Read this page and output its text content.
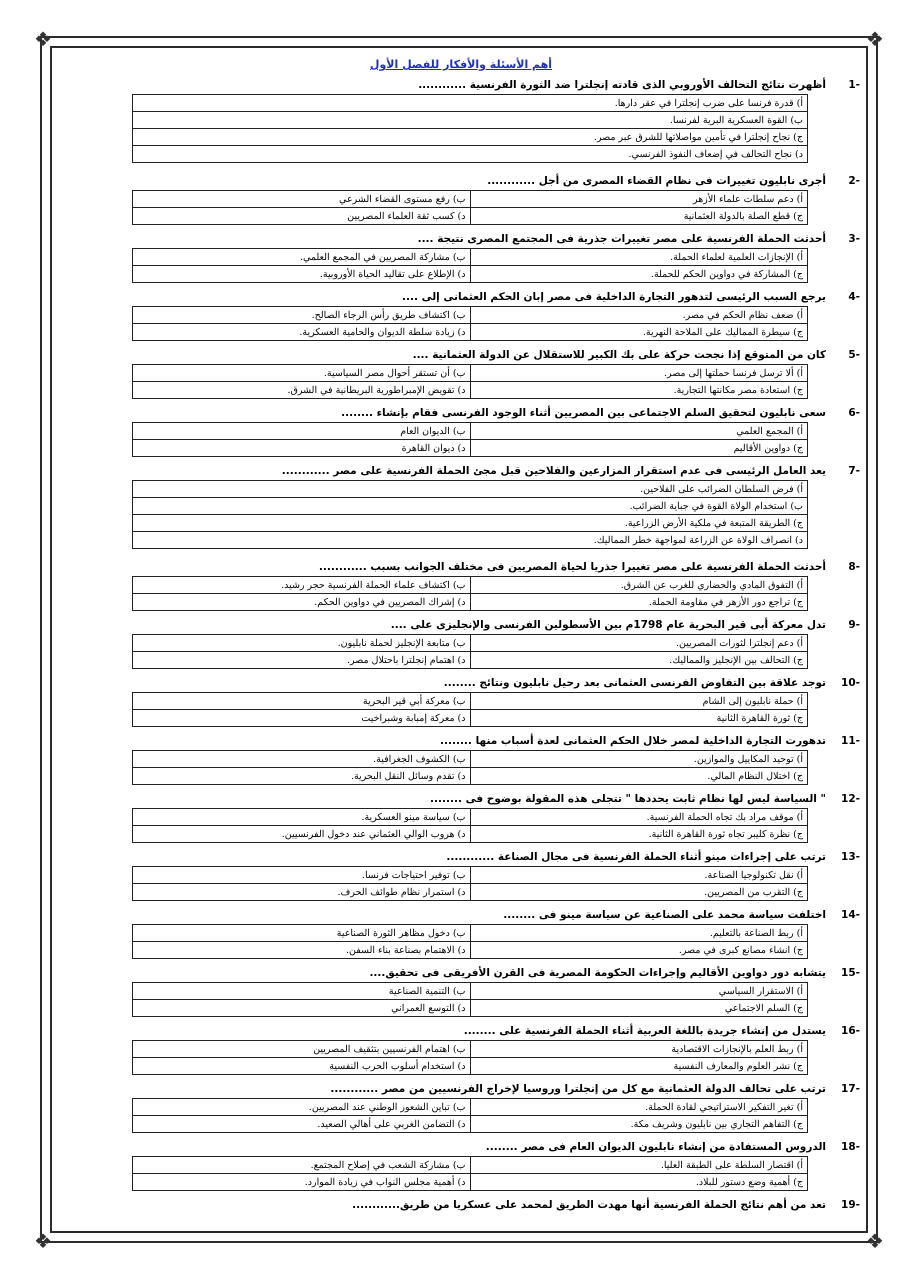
❖	❖
❖	❖
أهم الأسئلة والأفكار للفصل الأول
-1
أظهرت نتائج التحالف الأوروبي الذى قادته إنجلترا ضد الثورة الفرنسية ............
أ) قدرة فرنسا على ضرب إنجلترا في عقر دارها.
ب) القوة العسكرية البرية لفرنسا.
ج) نجاح إنجلترا في تأمين مواصلاتها للشرق عبر مصر.
د) نجاح التحالف في إضعاف النفوذ الفرنسي.
-2
أجرى نابليون تغييرات فى نظام القضاء المصرى من أجل ............
أ) دعم سلطات علماء الأزهر	ب) رفع مستوى القضاء الشرعي
ج) قطع الصلة بالدولة العثمانية	د) كسب ثقة العلماء المصريين
-3
أحدثت الحملة الفرنسية على مصر تغييرات جذرية فى المجتمع المصرى نتيجة ....
أ) الإنجازات العلمية لعلماء الحملة.	ب) مشاركة المصريين في المجمع العلمي.
ج) المشاركة في دواوين الحكم للحملة.	د) الإطلاع على تقاليد الحياة الأوروبية.
-4
يرجع السبب الرئيسى لتدهور التجارة الداخلية فى مصر إبان الحكم العثمانى إلى ....
أ) ضعف نظام الحكم في مصر.	ب) اكتشاف طريق رأس الرجاء الصالح.
ج) سيطرة المماليك على الملاحة النهرية.	د) زيادة سلطة الديوان والحامية العسكرية.
-5
كان من المتوقع إذا نجحت حركة على بك الكبير للاستقلال عن الدولة العثمانية ....
أ) ألا ترسل فرنسا حملتها إلى مصر.	ب) أن تستقر أحوال مصر السياسية.
ج) استعادة مصر مكانتها التجارية.	د) تقويض الإمبراطورية البريطانية في الشرق.
-6
سعى نابليون لتحقيق السلم الاجتماعى بين المصريين أثناء الوجود الفرنسى فقام بإنشاء ........
أ) المجمع العلمي	ب) الديوان العام
ج) دواوين الأقاليم	د) ديوان القاهرة
-7
يعد العامل الرئيسى فى عدم استقرار المزارعين والفلاحين قبل مجئ الحملة الفرنسية على مصر ............
أ) فرض السلطان الضرائب على الفلاحين.
ب) استخدام الولاة القوة في جباية الضرائب.
ج) الطريقة المتبعة في ملكية الأرض الزراعية.
د) انصراف الولاة عن الزراعة لمواجهة خطر المماليك.
-8
أحدثت الحملة الفرنسية على مصر تغييرا جذريا لحياة المصريين فى مختلف الجوانب بسبب ............
أ) التفوق المادي والحضاري للغرب عن الشرق.	ب) اكتشاف علماء الحملة الفرنسية حجر رشيد.
ج) تراجع دور الأزهر في مقاومة الحملة.	د) إشراك المصريين في دواوين الحكم.
-9
تدل معركة أبى قير البحرية عام 1798م بين الأسطولين الفرنسى والإنجليزى على ....
أ) دعم إنجلترا لثورات المصريين.	ب) متابعة الإنجليز لحملة نابليون.
ج) التحالف بين الإنجليز والمماليك.	د) اهتمام إنجلترا باحتلال مصر.
-10
توجد علاقة بين التفاوض الفرنسى العثمانى بعد رحيل نابليون ونتائج ........
أ) حملة نابليون إلى الشام	ب) معركة أبي قير البحرية
ج) ثورة القاهرة الثانية	د) معركة إمبابة وشبراخيت
-11
تدهورت التجارة الداخلية لمصر خلال الحكم العثمانى لعدة أسباب منها ........
أ) توحيد المكاييل والموازين.	ب) الكشوف الجغرافية.
ج) اختلال النظام المالي.	د) تقدم وسائل النقل البحرية.
-12
" السياسة ليس لها نظام ثابت يحددها " تتجلى هذه المقولة بوضوح فى ........
أ) موقف مراد بك تجاه الحملة الفرنسية.	ب) سياسة مينو العسكرية.
ج) نظرة كليبر تجاه ثورة القاهرة الثانية.	د) هروب الوالي العثماني عند دخول الفرنسيين.
-13
ترتب على إجراءات مينو أثناء الحملة الفرنسية فى مجال الصناعة ............
أ) نقل تكنولوجيا الصناعة.	ب) توفير احتياجات فرنسا.
ج) التقرب من المصريين.	د) استمرار نظام طوائف الحرف.
-14
اختلفت سياسة محمد على الصناعية عن سياسة مينو فى ........
أ) ربط الصناعة بالتعليم.	ب) دخول مظاهر الثورة الصناعية
ج) انشاء مصانع كبرى في مصر.	د) الاهتمام بصناعة بناء السفن.
-15
يتشابه دور دواوين الأقاليم وإجراءات الحكومة المصرية فى القرن الأفريقى فى تحقيق....
أ) الاستقرار السياسي	ب) التنمية الصناعية
ج) السلم الاجتماعي	د) التوسع العمراني
-16
يستدل من إنشاء جريدة باللغة العربية أثناء الحملة الفرنسية على ........
أ) ربط العلم بالإنجازات الاقتصادية	ب) اهتمام الفرنسيين بتثقيف المصريين
ج) نشر العلوم والمعارف النفسية	د) استخدام أسلوب الحرب النفسية
-17
ترتب على تحالف الدولة العثمانية مع كل من إنجلترا وروسيا لإخراج الفرنسيين من مصر ............
أ) تغير التفكير الاستراتيجي لقادة الحملة.	ب) تباين الشعور الوطني عند المصريين.
ج) التفاهم التجاري بين نابليون وشريف مكة.	د) التضامن الغربي على أهالي الصعيد.
-18
الدروس المستفادة من إنشاء نابليون الديوان العام فى مصر ........
أ) اقتصار السلطة على الطبقة العليا.	ب) مشاركة الشعب في إصلاح المجتمع.
ج) أهمية وضع دستور للبلاد.	د) أهمية مجلس النواب في زيادة الموارد.
-19
تعد من أهم نتائج الحملة الفرنسية أنها مهدت الطريق لمحمد على عسكريا من طريق............
